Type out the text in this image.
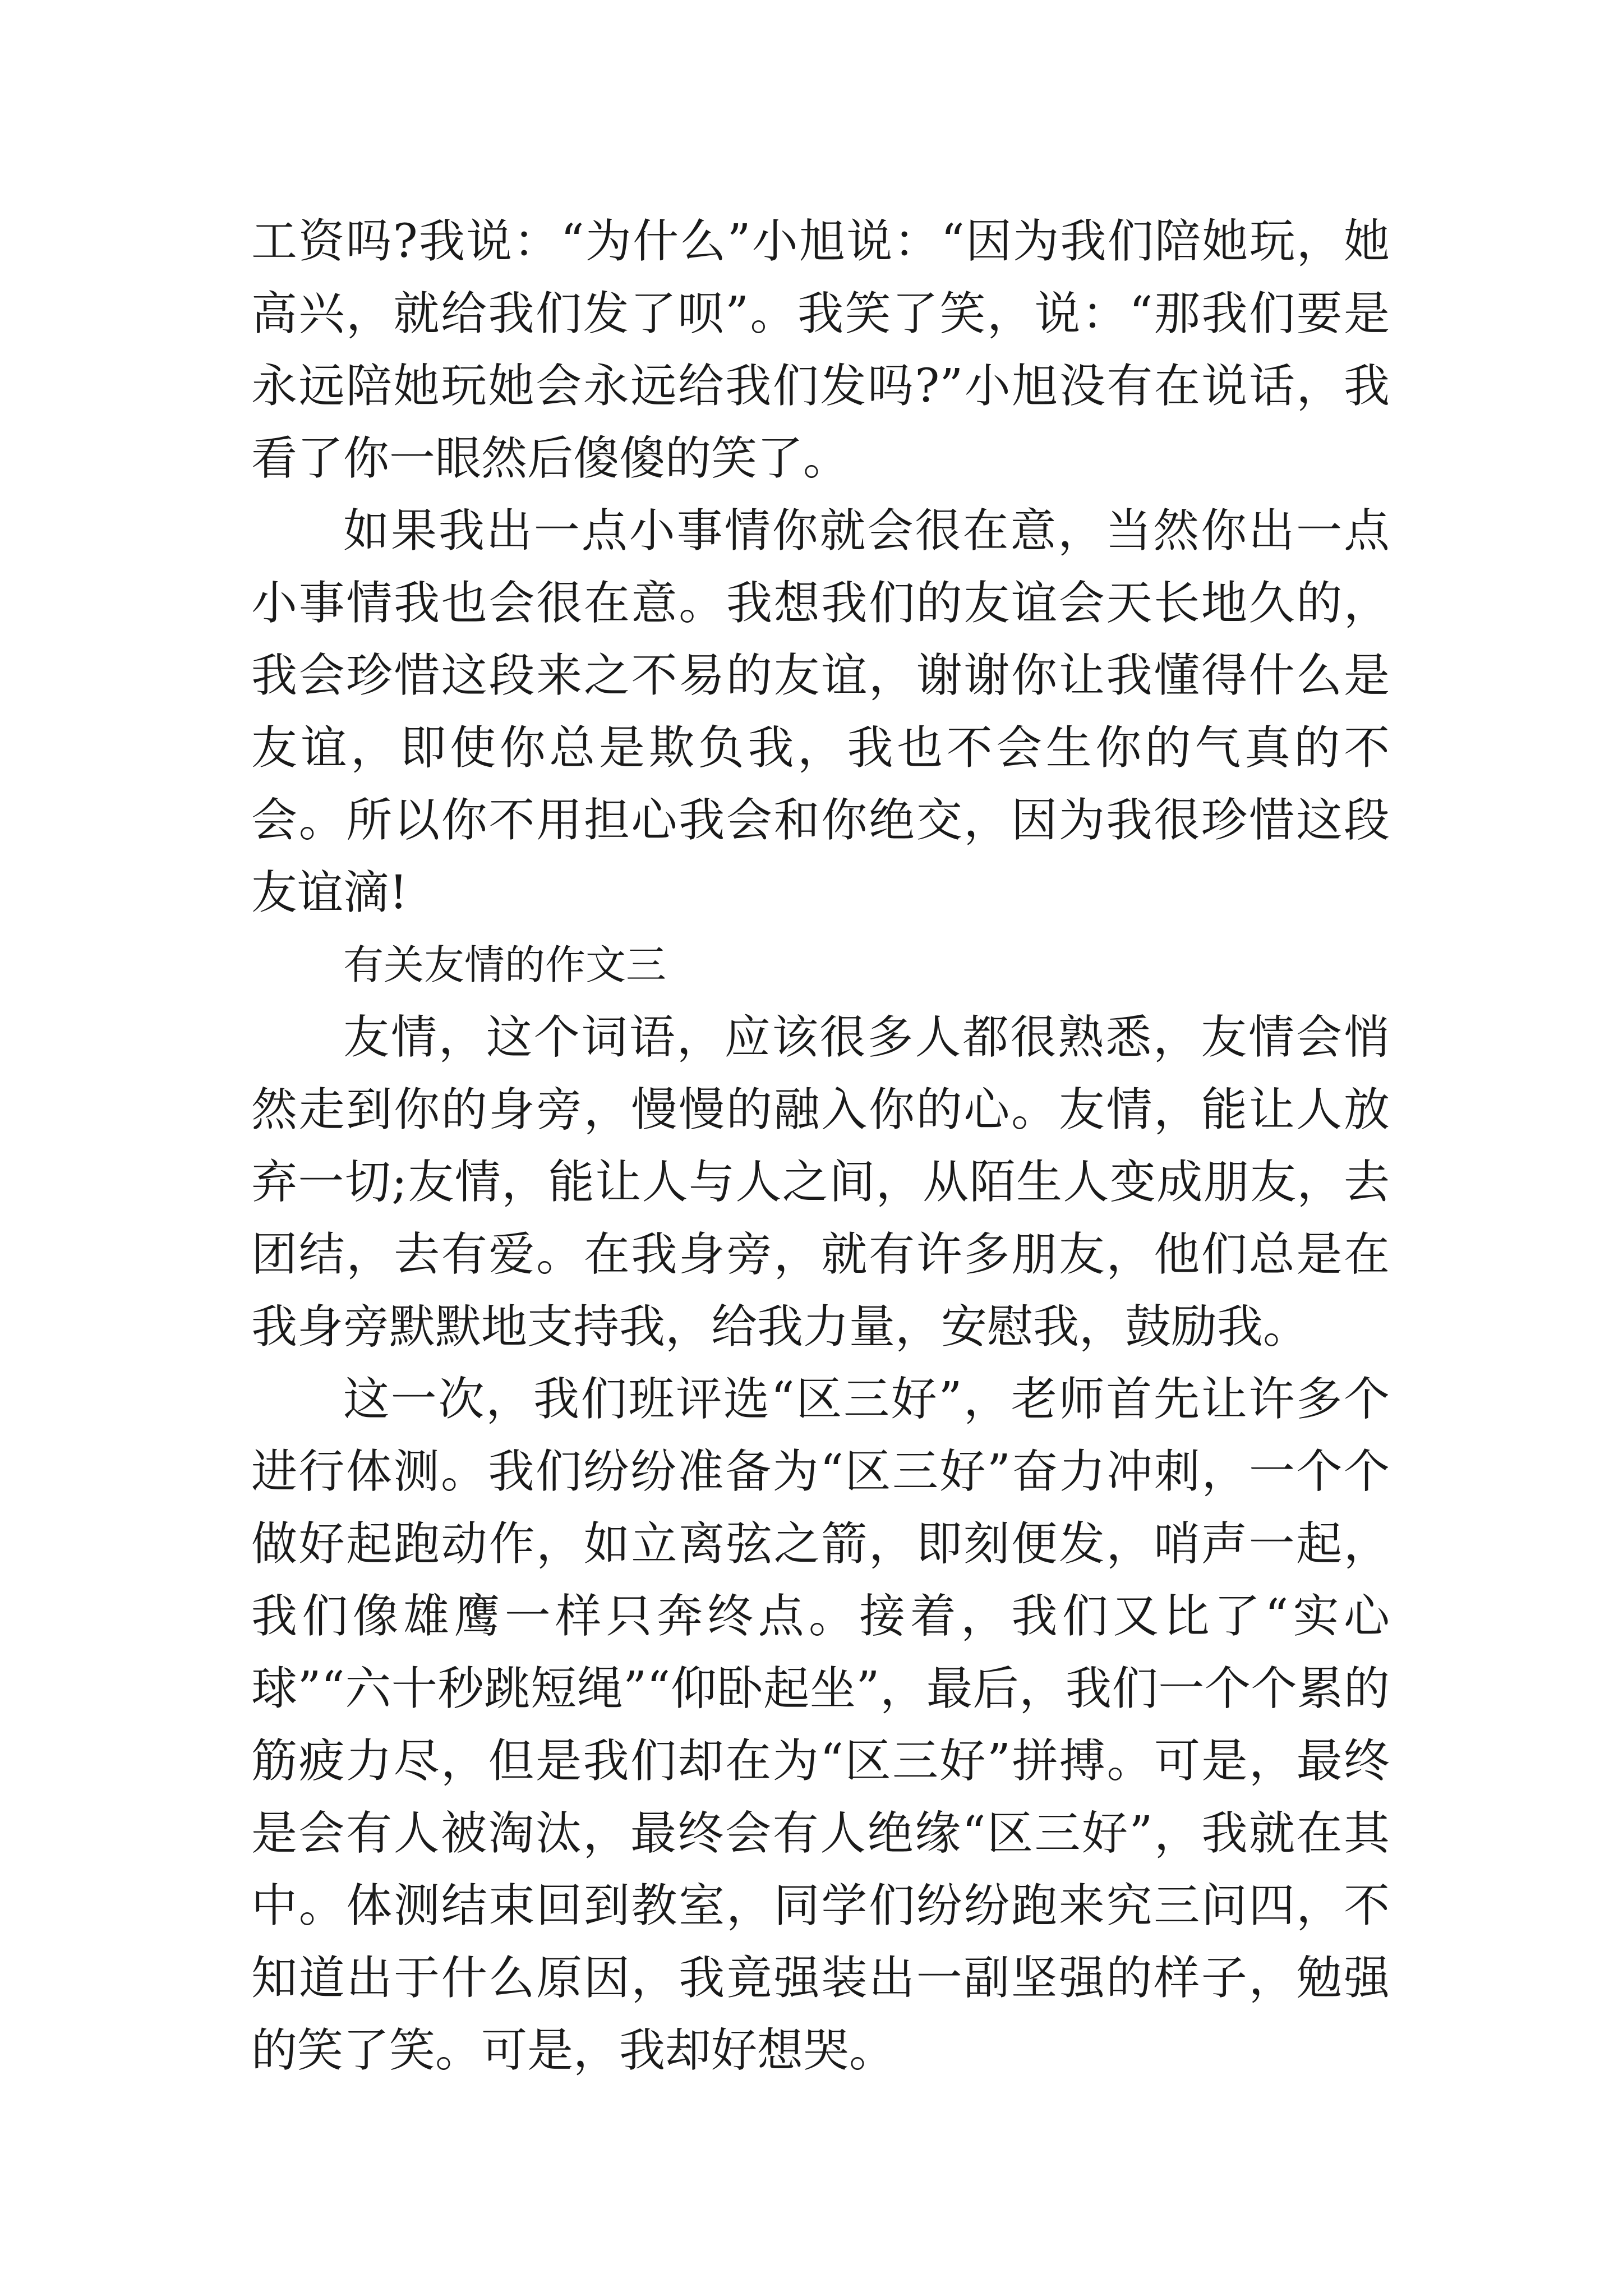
工资吗?我说：“为什么”小旭说：“因为我们陪她玩，她高兴，就给我们发了呗”。我笑了笑，说：“那我们要是永远陪她玩她会永远给我们发吗?”小旭没有在说话，我看了你一眼然后傻傻的笑了。

如果我出一点小事情你就会很在意，当然你出一点小事情我也会很在意。我想我们的友谊会天长地久的，我会珍惜这段来之不易的友谊，谢谢你让我懂得什么是友谊，即使你总是欺负我，我也不会生你的气真的不会。所以你不用担心我会和你绝交，因为我很珍惜这段友谊滴!

有关友情的作文三

友情，这个词语，应该很多人都很熟悉，友情会悄然走到你的身旁，慢慢的融入你的心。友情，能让人放弃一切;友情，能让人与人之间，从陌生人变成朋友，去团结，去有爱。在我身旁，就有许多朋友，他们总是在我身旁默默地支持我，给我力量，安慰我，鼓励我。

这一次，我们班评选“区三好”，老师首先让许多个进行体测。我们纷纷准备为“区三好”奋力冲刺，一个个做好起跑动作，如立离弦之箭，即刻便发，哨声一起，我们像雄鹰一样只奔终点。接着，我们又比了“实心球”“六十秒跳短绳”“仰卧起坐”，最后，我们一个个累的筋疲力尽，但是我们却在为“区三好”拼搏。可是，最终是会有人被淘汰，最终会有人绝缘“区三好”，我就在其中。体测结束回到教室，同学们纷纷跑来究三问四，不知道出于什么原因，我竟强装出一副坚强的样子，勉强的笑了笑。可是，我却好想哭。
